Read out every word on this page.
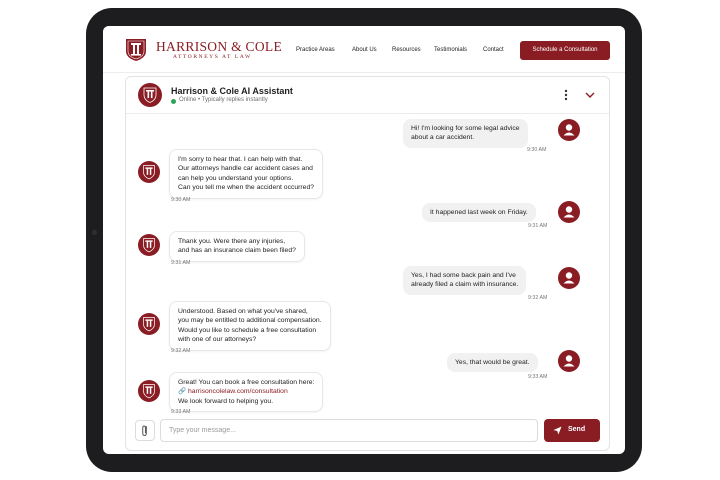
HARRISON & COLE
ATTORNEYS AT LAW
Practice Areas	About Us	Resources Testimonials	Contact	Schedule a Consultation
Harrison & Cole AI Assistant
Online • Typically replies instantly
Hi! I'm looking for some legal advice
about a car accident.
9:30 AM
I'm sorry to hear that. I can help with that.
Our attorneys handle car accident cases and
can help you understand your options.
Can you tell me when the accident occurred?
9:30 AM
It happened last week on Friday.
9:31 AM
Thank you. Were there any injuries,
and has an insurance claim been filed?
9:31 AM
Yes, I had some back pain and I've
already filed a claim with insurance.
9:32 AM
Understood. Based on what you've shared,
you may be entitled to additional compensation.
Would you like to schedule a free consultation
with one of our attorneys?
9:32 AM
Yes, that would be great.
9:33 AM
Great! You can book a free consultation here:
🔗 harrisoncolelaw.com/consultation
We look forward to helping you.
9:33 AM
Type your message...
Send
